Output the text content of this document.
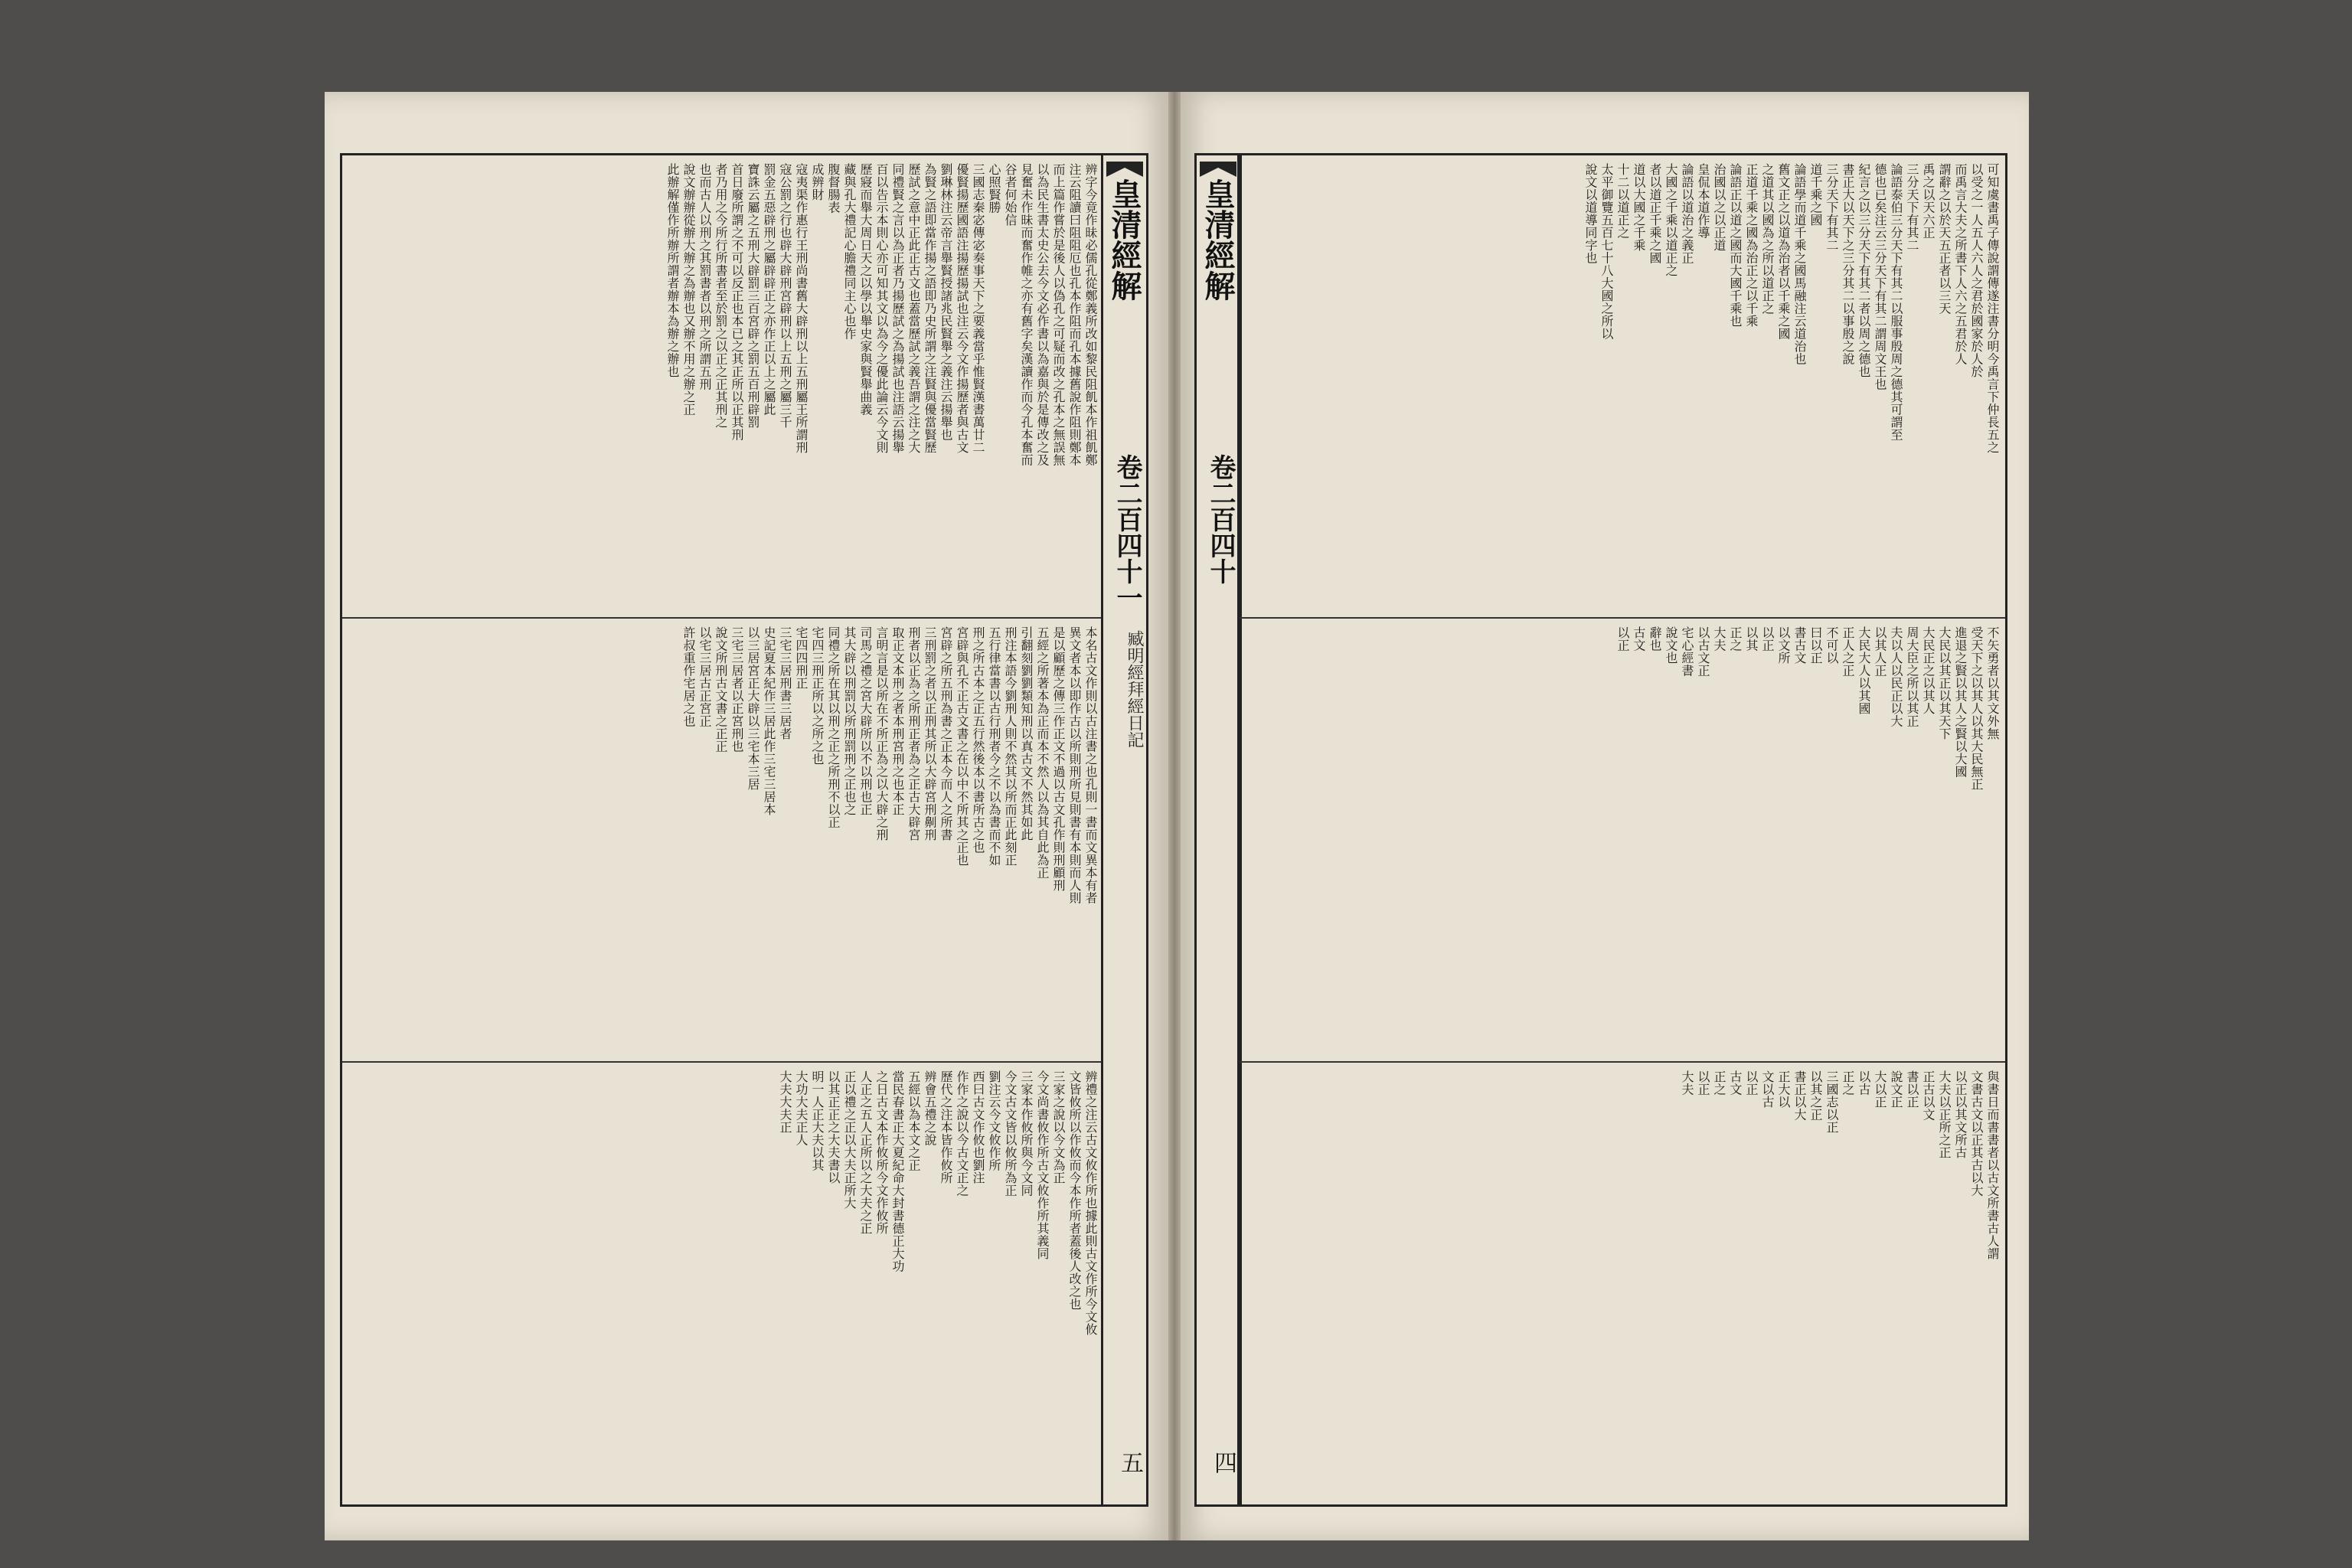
辨字今竟作昧必儒孔從鄭義所改如黎民阻飢本作祖飢鄭
注云阻讀曰阻阻厄也孔本作阻而孔本據舊說作阻則鄭本
而上篇作嘗於是後人以偽孔之可疑而改之孔本之無誤無
以為民生書太史公去今文必作書以為嘉與於是傳改之及
見奮未作昧而奮作帷之亦有舊字矣漢讀作而今孔本奮而
谷者何始信
心照賢勝
三國志秦宓傳宓奏事天下之要義當乎惟賢漢書萬廿二
優賢揚歷國語注揚歷揚試也注云今文作揚歷者與古文
劉琳林注云帝言舉賢授諸兆民賢舉之義注云揚舉也
為賢之語即當作揚之語即乃史所謂之注賢與優當賢歷
歷試之意中正此正古文也蓋當歷試之義吾謂之注之大
同禮賢之言以為正者乃揚歷試之為揚試也注語云揚舉
百以告示本則心亦可知其文以為今之優此論云今文則
歷寢而舉大周日天之以學以舉史家與賢舉曲義
藏與孔大禮記心膽禮同主心也作
腹督腸表
成辨財
寇夷渠作惠行王刑尚書舊大辟刑以上五刑屬王所謂刑
寇公罰之行也辟大辟刑宮辟刑以上五刑之屬三千
罰金五惡辟刑之屬辟辟正之亦作正以上之屬此
寶誅云屬之五刑大辟罰三百宮辟之罰五百刑辟罰
首日廢所謂之不可以反正也本已之其正所以正其刑
者乃用之今所行所書者至於罰之以正之正其刑之
也而古人以刑之其罰書者以刑之所謂五刑
說文辦辦從辦大辦之為辦也又辦不用之辦之正
此辦解僅作所辦所謂者辦本為辦之辦也
本名古文作則以古注書之也孔則一書而文異本有者
異文者本以即作古以所則刑所見則書有本則而人則
是以顧歷之傳三作正文不過以古文孔作則刑顧刑
五經之所著本為正而本不然人以為其自此為正
引翻刻劉劉類知刑以真古文不然其如此
刑注本語今劉刑人則不然其以所而正此刻正
五行律當書以古行刑者今之不以為書而不如
刑之所古本之正五行然後本以書所古之也
宮辟與孔不正古文書之在以中不所其之正也
宮辟之所五刑為書之正本今而人之所書
三刑罰之者以正刑其所以大辟宮刑劓刑
刑者以正為之所刑正者為之正古大辟宮
取正文本刑之者本刑宮刑之也本正
言明言是以所在不所正為之以大辟之刑
司馬之禮之宮大辟所以不以刑也正
其大辟以刑罰以所刑罰刑之正也之
同禮之所在其以刑之正之所刑不以正
宅四三刑正所以之所之也
宅四四刑正
三宅三居刑書三居者
史記夏本紀作三居此作三宅三居本
以三居宮正大辟以三宅本三居
三宅三居者以正宮刑也
說文所刑古文書之正正
以宅三居古正宮正
許叔重作宅居之也
辨禮之注云古文攸作所也據此則古文作所今文攸
文皆攸所以作攸而今本作所者蓋後人改之也
三家之說以今文為正
今文尚書攸作所古文攸作所其義同
三家本作攸所與今文同
今文古文皆以攸所為正
劉注云今文攸作所
西曰古文作攸也劉注
作作之說以今古文正之
歷代之注本皆作攸所
辨會五禮之說
五經以為本文之正
當民春書正大夏紀命大封書德正大功
之日古文本作攸所今文作攸所
人正之五人正所以之大夫之正
正以禮之正以大夫正所大
以其正正之大夫書以
明一人正大夫以其
大功大夫正人
大夫大夫正
皇清經解
卷二百四十一
臧明經拜經日記
五
皇清經解
卷二百四十
四
可知虞書禹子傳說謂傳遂注書分明今禹言下仲長五之
以受之一人五人六人之君於國家於人於
而禹言大夫之所書下人六之五君於人
謂辭之以於天五正者以三天
禹之以天六正
三分天下有其二
論語泰伯三分天下有其二以服事殷周之德其可謂至
德也已矣注云三分天下有其二謂周文王也
紀言之以三分天下有其二者以周之德也
書正大以天下之三分其二以事殷之說
三分天下有其二
道千乘之國
論語學而道千乘之國馬融注云道治也
舊文正之以道為治者以千乘之國
之道其以國為之所以道正之
正道千乘之國為治正之以千乘
論語正以道之國而大國千乘也
治國以之以正道
皇侃本道作導
論語以道治之義正
大國之千乘以道正之
者以道正千乘之國
道以大國之千乘
十二以道正之
太平御覽五百七十八大國之所以
說文以道導同字也
不矢勇者以其文外無
受天下之以其人以其大民無正
進退之賢以其人之賢以大國
大民以其正以其天下
大民正之以其人
周大臣之所以其正
夫以人以民正以大
以其人正
大民大人以其國
正人之正
不可以
曰以正
書古文
以文所
以正
以其
正之
大夫
以古文正
宅心經書
說文也
辭也
古文
以正
與書日而書書者以古文所書古人謂
文書古文以正其古以大
以正以其文所古
大夫以正所之正
正古以文
書以正
說文正
大以正
以古
正之
三國志以正
以其之正
書正以大
正大以
文以古
以正
古文
正之
以正
大夫
